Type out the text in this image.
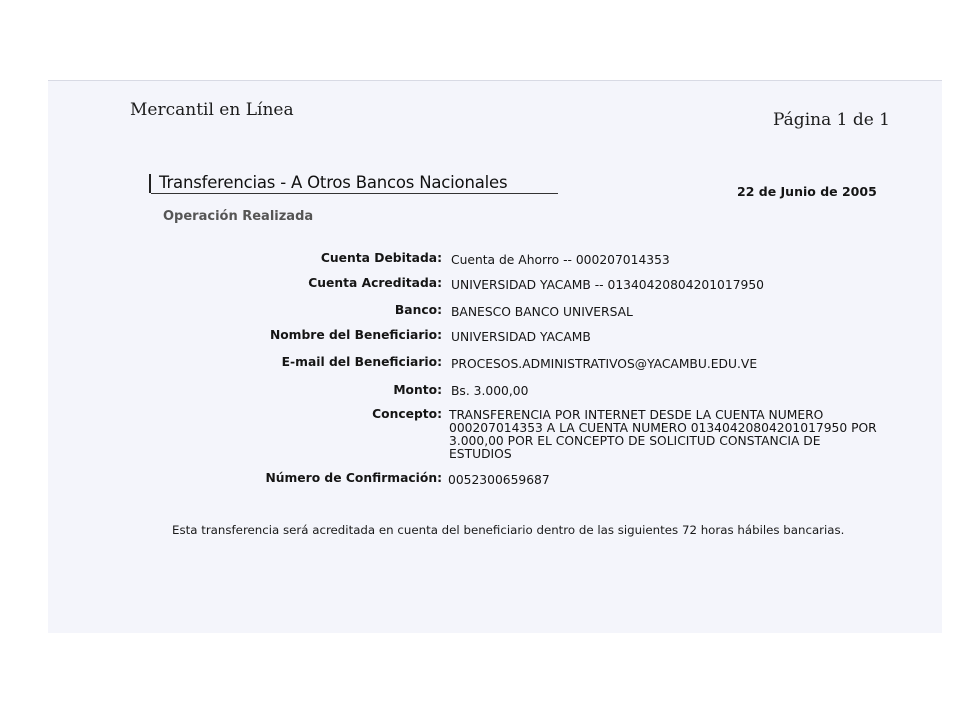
Mercantil en Línea	Página 1 de 1
Transferencias - A Otros Bancos Nacionales	22 de Junio de 2005
Operación Realizada
Cuenta Debitada: Cuenta de Ahorro -- 000207014353
Cuenta Acreditada: UNIVERSIDAD YACAMB -- 01340420804201017950
Banco: BANESCO BANCO UNIVERSAL
Nombre del Beneficiario: UNIVERSIDAD YACAMB
E-mail del Beneficiario: PROCESOS.ADMINISTRATIVOS@YACAMBU.EDU.VE
Monto: Bs. 3.000,00
Concepto: TRANSFERENCIA POR INTERNET DESDE LA CUENTA NUMERO 000207014353 A LA CUENTA NUMERO 01340420804201017950 POR 3.000,00 POR EL CONCEPTO DE SOLICITUD CONSTANCIA DE ESTUDIOS
Número de Confirmación: 0052300659687
Esta transferencia será acreditada en cuenta del beneficiario dentro de las siguientes 72 horas hábiles bancarias.
